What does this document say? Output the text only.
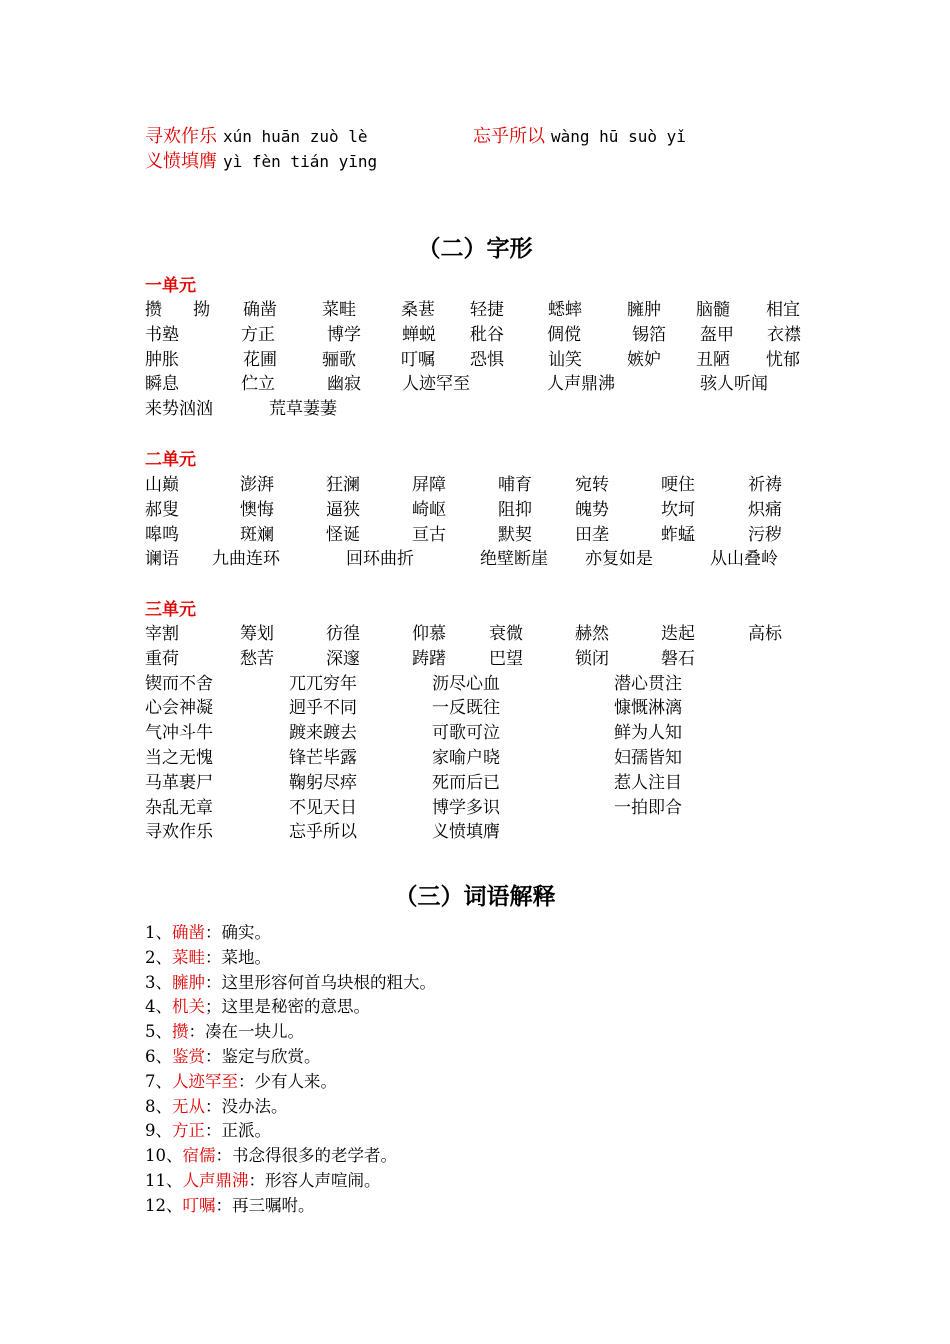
寻欢作乐 xún huān zuò lè	忘乎所以 wàng hū suò yǐ
义愤填膺 yì fèn tián yīng
（二）字形
一单元
攒 拗 确凿	菜畦	桑葚 轻捷	蟋蟀	臃肿 脑髓 相宜
书塾	方正	博学 蝉蜕 秕谷	倜傥	锡箔 盔甲 衣襟
肿胀	花圃	骊歌	叮嘱 恐惧	讪笑	嫉妒 丑陋 忧郁
瞬息	伫立	幽寂 人迹罕至	人声鼎沸	骇人听闻
来势汹汹	荒草萋萋
二单元
山巅	澎湃	狂澜	屏障	哺育	宛转	哽住	祈祷
郝叟	懊悔	逼狭	崎岖	阻抑	魄势	坎坷	炽痛
嗥鸣	斑斓	怪诞	亘古	默契	田垄	蚱蜢	污秽
谰语 九曲连环	回环曲折	绝壁断崖 亦复如是	从山叠岭
三单元
宰割	筹划	彷徨	仰慕	衰微	赫然	迭起	高标
重荷	愁苦	深邃	踌躇	巴望	锁闭	磐石
锲而不舍	兀兀穷年	沥尽心血	潜心贯注
心会神凝	迥乎不同	一反既往	慷慨淋漓
气冲斗牛	踱来踱去	可歌可泣	鲜为人知
当之无愧	锋芒毕露	家喻户晓	妇孺皆知
马革裹尸	鞠躬尽瘁	死而后已	惹人注目
杂乱无章	不见天日	博学多识	一拍即合
寻欢作乐	忘乎所以	义愤填膺
（三）词语解释
1、确凿：确实。
2、菜畦：菜地。
3、臃肿：这里形容何首乌块根的粗大。
4、机关；这里是秘密的意思。
5、攒：凑在一块儿。
6、鉴赏：鉴定与欣赏。
7、人迹罕至：少有人来。
8、无从：没办法。
9、方正：正派。
10、宿儒：书念得很多的老学者。
11、人声鼎沸：形容人声喧闹。
12、叮嘱：再三嘱咐。
